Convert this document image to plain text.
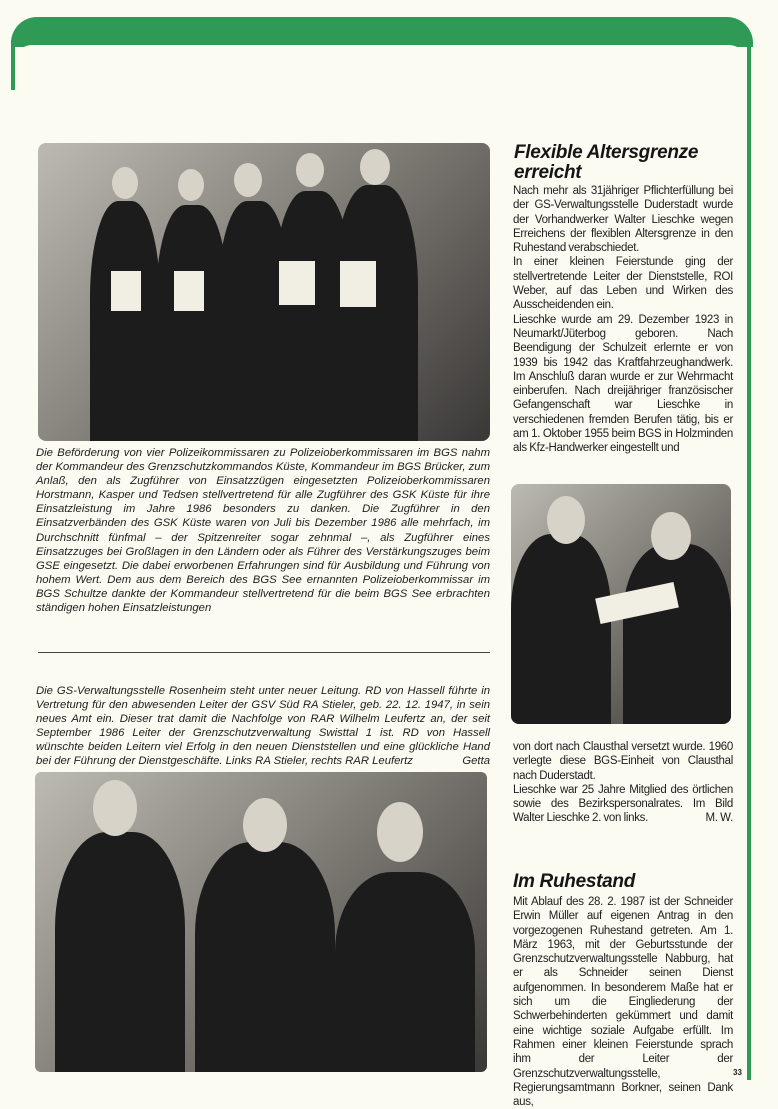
Die Beförderung von vier Polizeikommissaren zu Polizeioberkommissaren im BGS nahm der Kommandeur des Grenzschutzkommandos Küste, Kommandeur im BGS Brücker, zum Anlaß, den als Zugführer von Einsatzzügen eingesetzten Polizeioberkommissaren Horstmann, Kasper und Tedsen stellvertretend für alle Zugführer des GSK Küste für ihre Einsatzleistung im Jahre 1986 besonders zu danken. Die Zugführer in den Einsatzverbänden des GSK Küste waren von Juli bis Dezember 1986 alle mehrfach, im Durchschnitt fünfmal – der Spitzenreiter sogar zehnmal –, als Zugführer eines Einsatzzuges bei Großlagen in den Ländern oder als Führer des Verstärkungszuges beim GSE eingesetzt. Die dabei erworbenen Erfahrungen sind für Ausbildung und Führung von hohem Wert. Dem aus dem Bereich des BGS See ernannten Polizeioberkommissar im BGS Schultze dankte der Kommandeur stellvertretend für die beim BGS See erbrachten ständigen hohen Einsatzleistungen
Die GS-Verwaltungsstelle Rosenheim steht unter neuer Leitung. RD von Hassell führte in Vertretung für den abwesenden Leiter der GSV Süd RA Stieler, geb. 22. 12. 1947, in sein neues Amt ein. Dieser trat damit die Nachfolge von RAR Wilhelm Leufertz an, der seit September 1986 Leiter der Grenzschutzverwaltung Swisttal 1 ist. RD von Hassell wünschte beiden Leitern viel Erfolg in den neuen Dienststellen und eine glückliche Hand bei der Führung der Dienstgeschäfte. Links RA Stieler, rechts RAR Leufertz	Getta
Flexible Altersgrenze erreicht

Nach mehr als 31jähriger Pflichterfüllung bei der GS-Verwaltungsstelle Duderstadt wurde der Vorhandwerker Walter Lieschke wegen Erreichens der flexiblen Altersgrenze in den Ruhestand verabschiedet.

In einer kleinen Feierstunde ging der stellvertretende Leiter der Dienststelle, ROI Weber, auf das Leben und Wirken des Ausscheidenden ein.

Lieschke wurde am 29. Dezember 1923 in Neumarkt/Jüterbog geboren. Nach Beendigung der Schulzeit erlernte er von 1939 bis 1942 das Kraftfahrzeughandwerk. Im Anschluß daran wurde er zur Wehrmacht einberufen. Nach dreijähriger französischer Gefangenschaft war Lieschke in verschiedenen fremden Berufen tätig, bis er am 1. Oktober 1955 beim BGS in Holzminden als Kfz-Handwerker eingestellt und

von dort nach Clausthal versetzt wurde. 1960 verlegte diese BGS-Einheit von Clausthal nach Duderstadt.

Lieschke war 25 Jahre Mitglied des örtlichen sowie des Bezirkspersonalrates. Im Bild Walter Lieschke 2. von links.	M. W.

Im Ruhestand

Mit Ablauf des 28. 2. 1987 ist der Schneider Erwin Müller auf eigenen Antrag in den vorgezogenen Ruhestand getreten. Am 1. März 1963, mit der Geburtsstunde der Grenzschutzverwaltungsstelle Nabburg, hat er als Schneider seinen Dienst aufgenommen. In besonderem Maße hat er sich um die Eingliederung der Schwerbehinderten gekümmert und damit eine wichtige soziale Aufgabe erfüllt. Im Rahmen einer kleinen Feierstunde sprach ihm der Leiter der Grenzschutzverwaltungsstelle, Regierungsamtmann Borkner, seinen Dank aus,

33
